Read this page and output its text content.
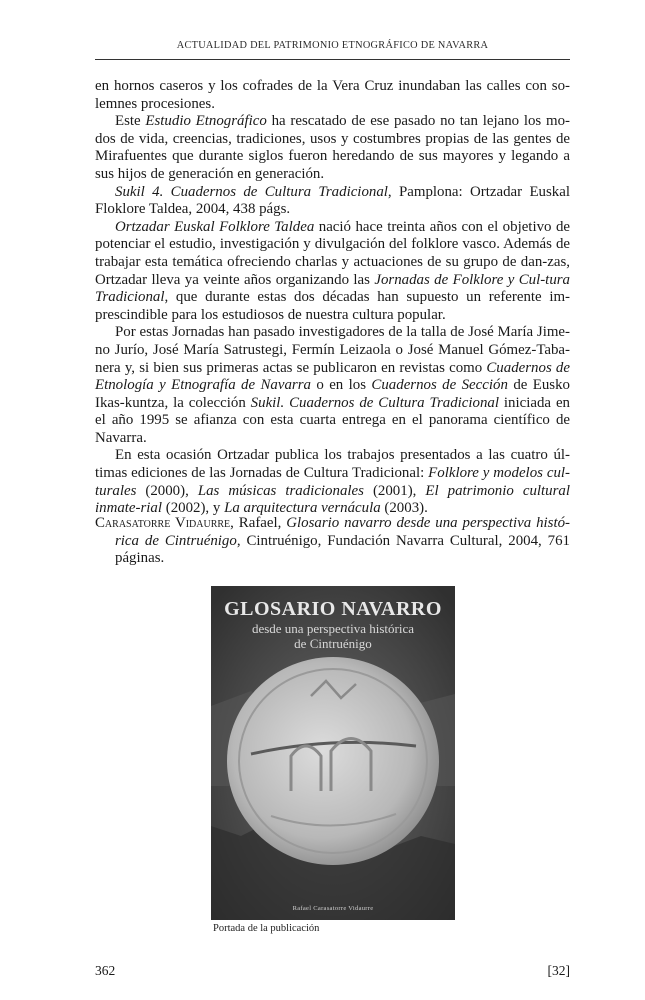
ACTUALIDAD DEL PATRIMONIO ETNOGRÁFICO DE NAVARRA

en hornos caseros y los cofrades de la Vera Cruz inundaban las calles con so-lemnes procesiones.

Este Estudio Etnográfico ha rescatado de ese pasado no tan lejano los mo-dos de vida, creencias, tradiciones, usos y costumbres propias de las gentes de Mirafuentes que durante siglos fueron heredando de sus mayores y legando a sus hijos de generación en generación.

Sukil 4. Cuadernos de Cultura Tradicional, Pamplona: Ortzadar Euskal Floklore Taldea, 2004, 438 págs.

Ortzadar Euskal Folklore Taldea nació hace treinta años con el objetivo de potenciar el estudio, investigación y divulgación del folklore vasco. Además de trabajar esta temática ofreciendo charlas y actuaciones de su grupo de dan-zas, Ortzadar lleva ya veinte años organizando las Jornadas de Folklore y Cul-tura Tradicional, que durante estas dos décadas han supuesto un referente im-prescindible para los estudiosos de nuestra cultura popular.

Por estas Jornadas han pasado investigadores de la talla de José María Jime-no Jurío, José María Satrustegi, Fermín Leizaola o José Manuel Gómez-Taba-nera y, si bien sus primeras actas se publicaron en revistas como Cuadernos de Etnología y Etnografía de Navarra o en los Cuadernos de Sección de Eusko Ikas-kuntza, la colección Sukil. Cuadernos de Cultura Tradicional iniciada en el año 1995 se afianza con esta cuarta entrega en el panorama científico de Navarra.

En esta ocasión Ortzadar publica los trabajos presentados a las cuatro úl-timas ediciones de las Jornadas de Cultura Tradicional: Folklore y modelos cul-turales (2000), Las músicas tradicionales (2001), El patrimonio cultural inmate-rial (2002), y La arquitectura vernácula (2003).

Carasatorre Vidaurre, Rafael, Glosario navarro desde una perspectiva histó-rica de Cintruénigo, Cintruénigo, Fundación Navarra Cultural, 2004, 761 páginas.

GLOSARIO NAVARRO
desde una perspectiva histórica
de Cintruénigo
Rafael Carasatorre Vidaurre
Portada de la publicación
362	[32]
